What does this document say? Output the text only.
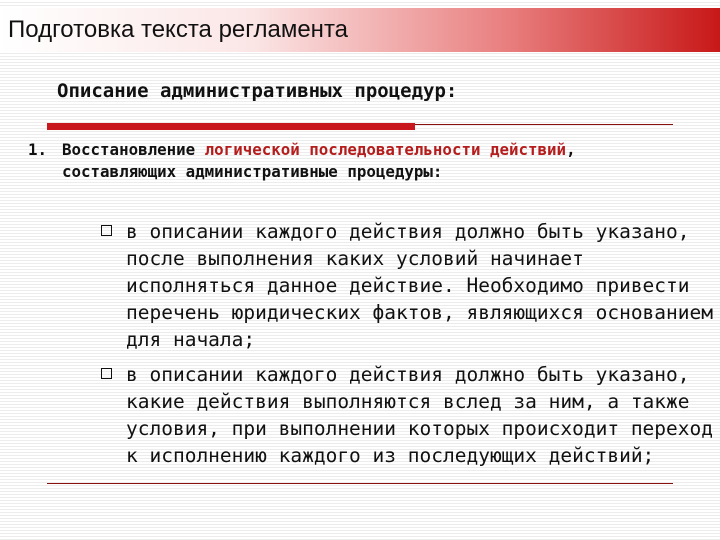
Подготовка текста регламента
Описание административных процедур:
1. Восстановление логической последовательности действий, составляющих административные процедуры:
в описании каждого действия должно быть указано, после выполнения каких условий начинает исполняться данное действие. Необходимо привести перечень юридических фактов, являющихся основанием для начала;
в описании каждого действия должно быть указано, какие действия выполняются вслед за ним, а также условия, при выполнении которых происходит переход к исполнению каждого из последующих действий;
